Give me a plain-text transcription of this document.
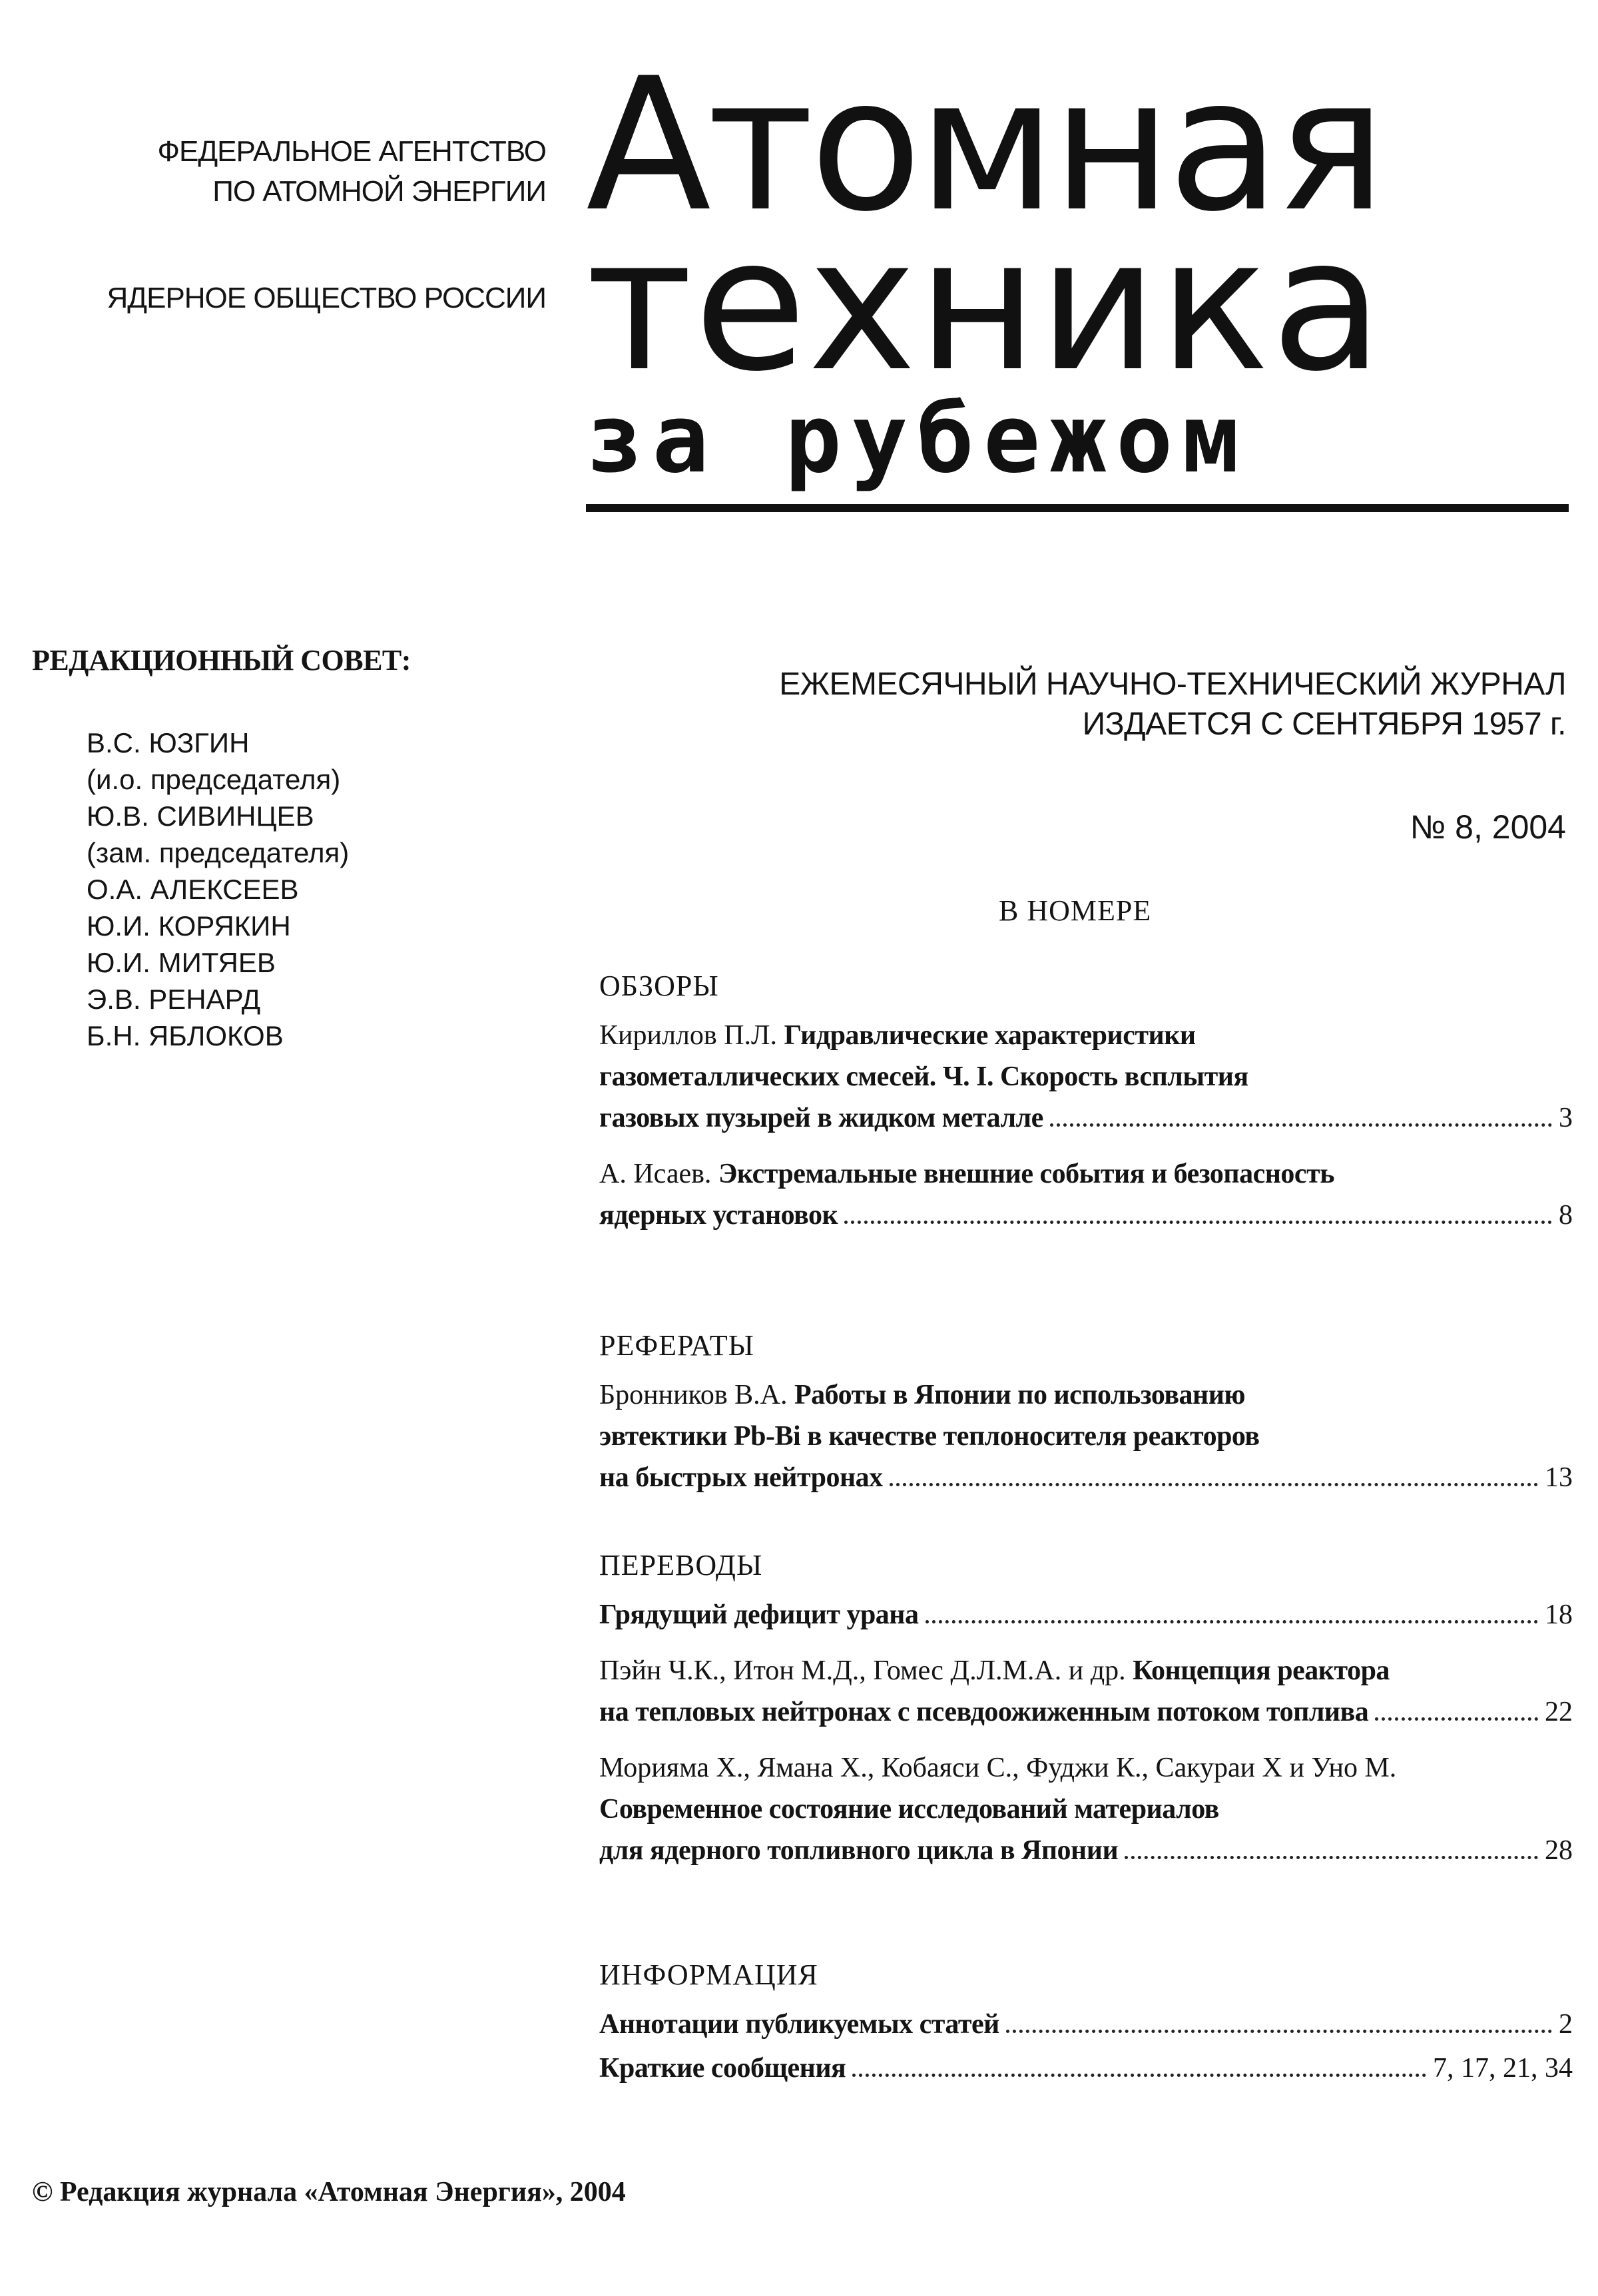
ФЕДЕРАЛЬНОЕ АГЕНТСТВО
ПО АТОМНОЙ ЭНЕРГИИ
ЯДЕРНОЕ ОБЩЕСТВО РОССИИ
Атомная
техника
за рубежом
РЕДАКЦИОННЫЙ СОВЕТ:
В.С. ЮЗГИН
(и.о. председателя)
Ю.В. СИВИНЦЕВ
(зам. председателя)
О.А. АЛЕКСЕЕВ
Ю.И. КОРЯКИН
Ю.И. МИТЯЕВ
Э.В. РЕНАРД
Б.Н. ЯБЛОКОВ
ЕЖЕМЕСЯЧНЫЙ НАУЧНО-ТЕХНИЧЕСКИЙ ЖУРНАЛ
ИЗДАЕТСЯ С СЕНТЯБРЯ 1957 г.
№ 8, 2004
В НОМЕРЕ
ОБЗОРЫ
Кириллов П.Л. Гидравлические характеристики
газометаллических смесей. Ч. I. Скорость всплытия
газовых пузырей в жидком металле	3
А. Исаев. Экстремальные внешние события и безопасность
ядерных установок	8
РЕФЕРАТЫ
Бронников В.А. Работы в Японии по использованию
эвтектики Pb-Bi в качестве теплоносителя реакторов
на быстрых нейтронах	13
ПЕРЕВОДЫ
Грядущий дефицит урана	18
Пэйн Ч.К., Итон М.Д., Гомес Д.Л.М.А. и др. Концепция реактора
на тепловых нейтронах с псевдоожиженным потоком топлива	22
Морияма Х., Ямана Х., Кобаяси С., Фуджи К., Сакураи Х и Уно М.
Современное состояние исследований материалов
для ядерного топливного цикла в Японии	28
ИНФОРМАЦИЯ
Аннотации публикуемых статей	2
Краткие сообщения	7, 17, 21, 34
© Редакция журнала «Атомная Энергия», 2004
